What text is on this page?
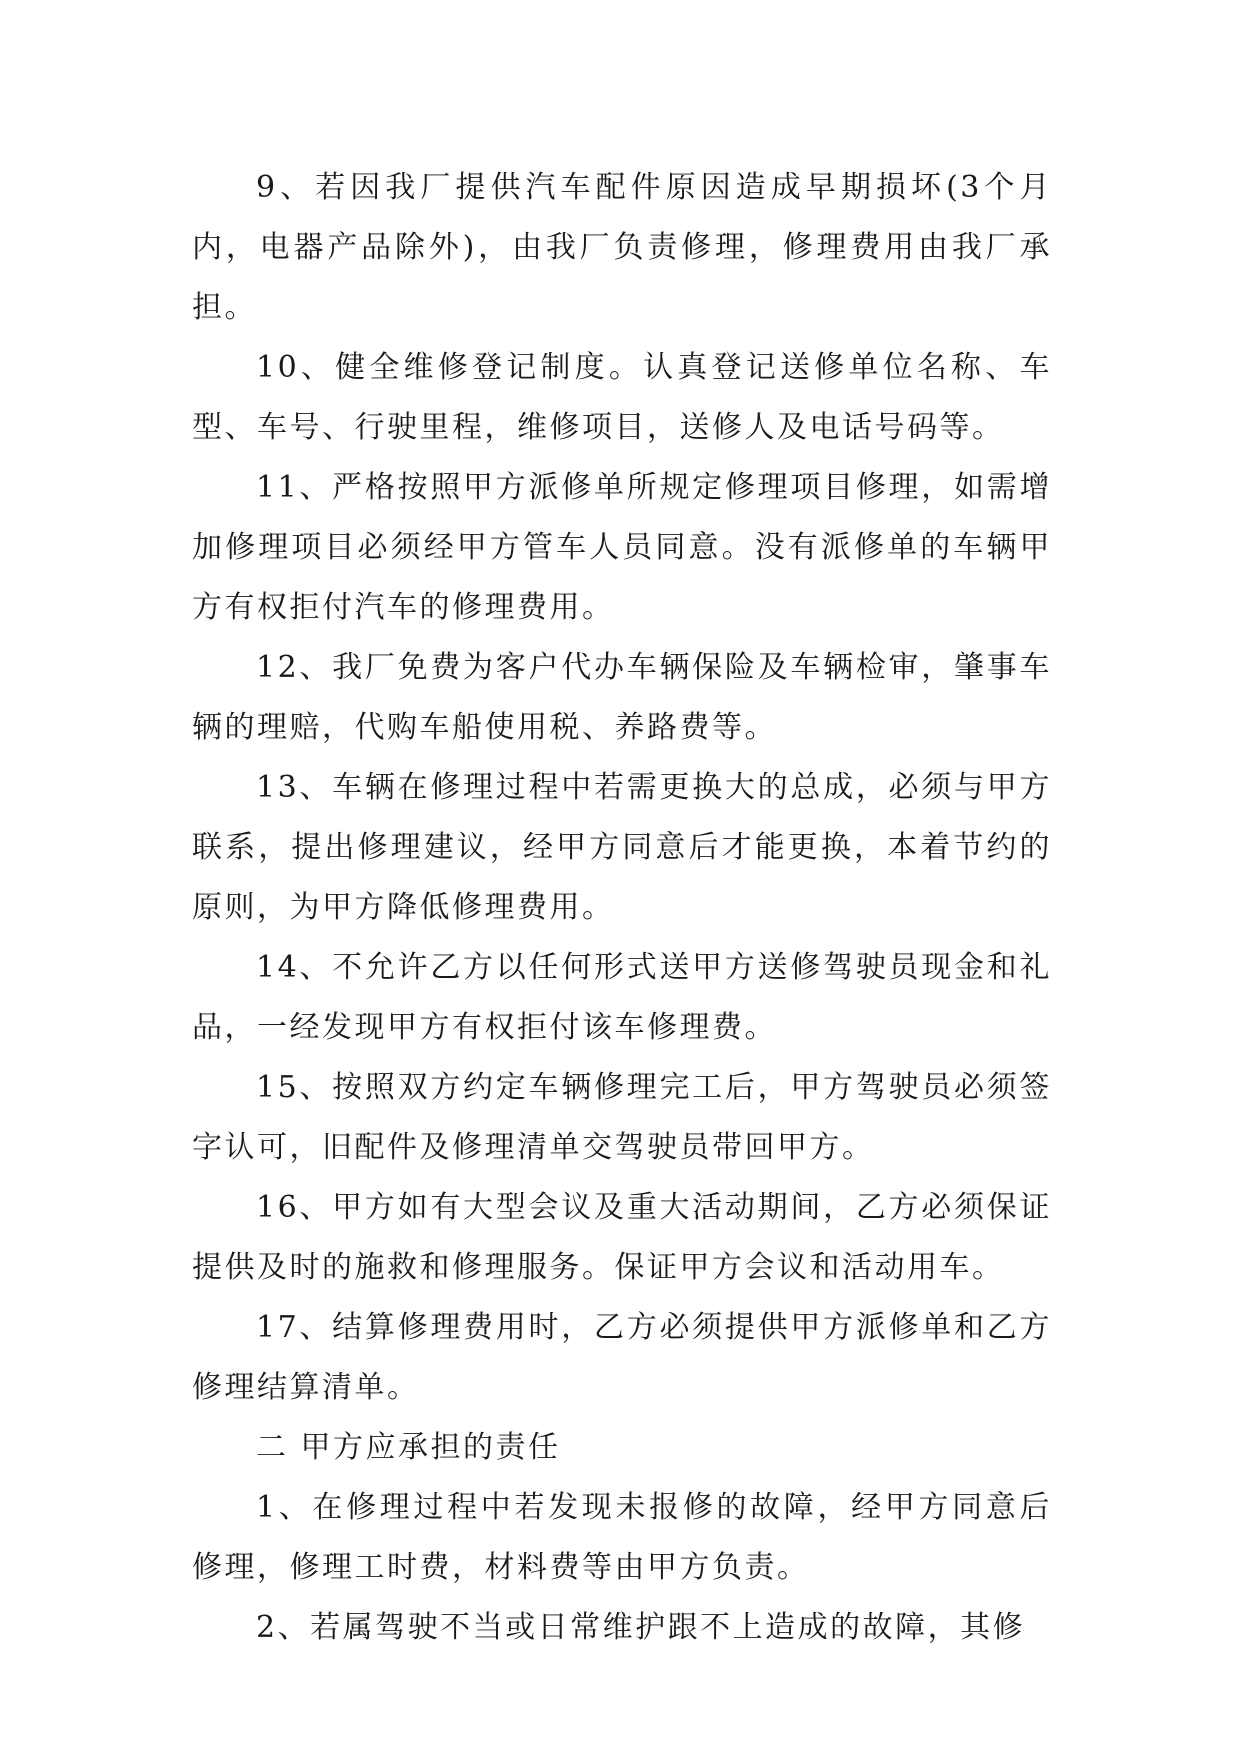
9、若因我厂提供汽车配件原因造成早期损坏(3个月内，电器产品除外)，由我厂负责修理，修理费用由我厂承担。

10、健全维修登记制度。认真登记送修单位名称、车型、车号、行驶里程，维修项目，送修人及电话号码等。

11、严格按照甲方派修单所规定修理项目修理，如需增加修理项目必须经甲方管车人员同意。没有派修单的车辆甲方有权拒付汽车的修理费用。

12、我厂免费为客户代办车辆保险及车辆检审，肇事车辆的理赔，代购车船使用税、养路费等。

13、车辆在修理过程中若需更换大的总成，必须与甲方联系，提出修理建议，经甲方同意后才能更换，本着节约的原则，为甲方降低修理费用。

14、不允许乙方以任何形式送甲方送修驾驶员现金和礼品，一经发现甲方有权拒付该车修理费。

15、按照双方约定车辆修理完工后，甲方驾驶员必须签字认可，旧配件及修理清单交驾驶员带回甲方。

16、甲方如有大型会议及重大活动期间，乙方必须保证提供及时的施救和修理服务。保证甲方会议和活动用车。

17、结算修理费用时，乙方必须提供甲方派修单和乙方修理结算清单。

二 甲方应承担的责任

1、在修理过程中若发现未报修的故障，经甲方同意后修理，修理工时费，材料费等由甲方负责。

2、若属驾驶不当或日常维护跟不上造成的故障，其修
